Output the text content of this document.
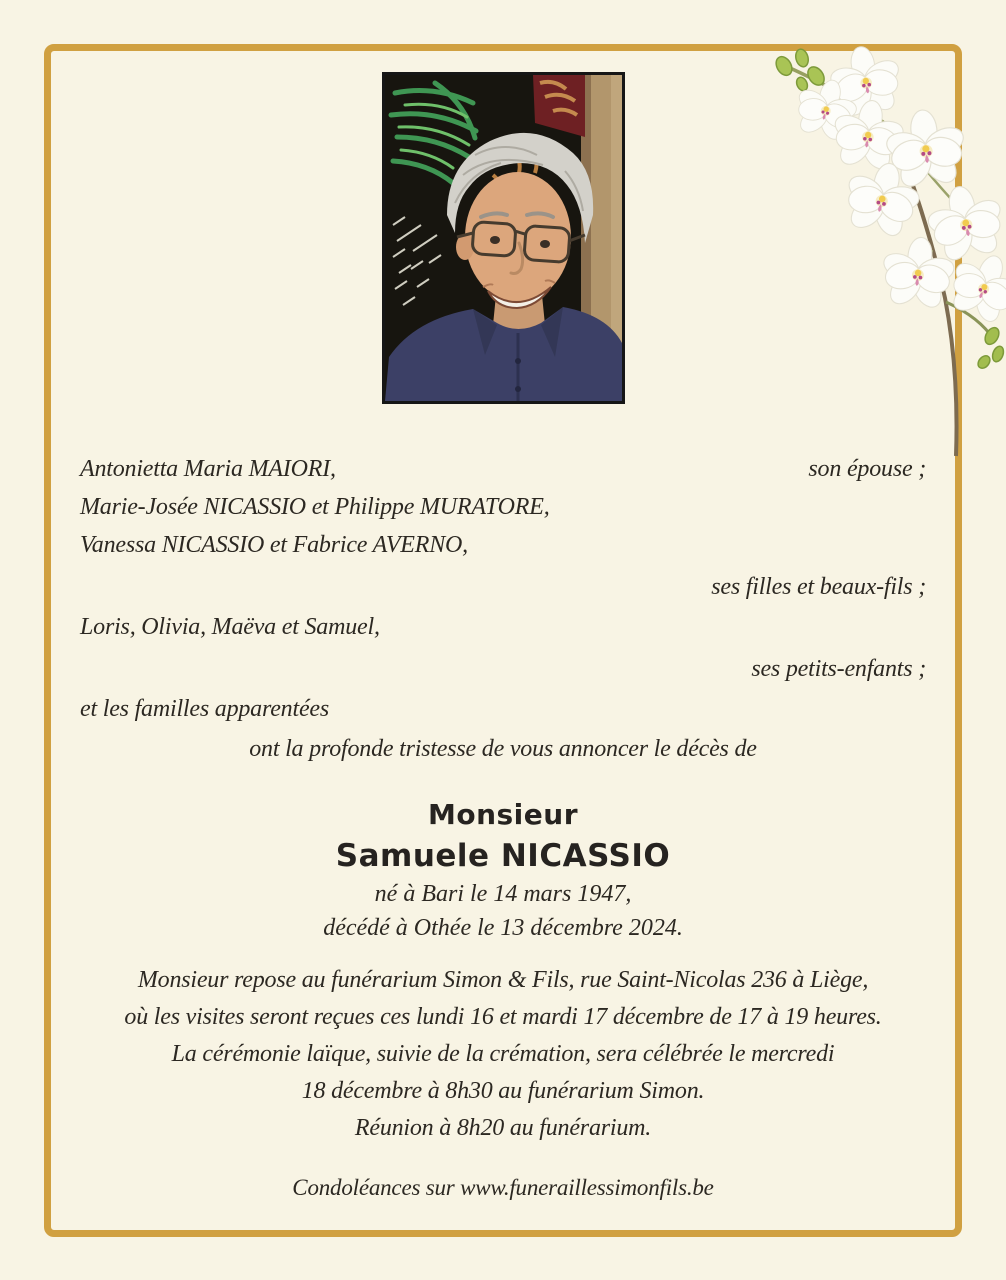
Antonietta Maria MAIORI,	son épouse ;
Marie-Josée NICASSIO et Philippe MURATORE,
Vanessa NICASSIO et Fabrice AVERNO,
ses filles et beaux-fils ;
Loris, Olivia, Maëva et Samuel,
ses petits-enfants ;
et les familles apparentées
ont la profonde tristesse de vous annoncer le décès de
Monsieur
Samuele NICASSIO
né à Bari le 14 mars 1947,
décédé à Othée le 13 décembre 2024.
Monsieur repose au funérarium Simon & Fils, rue Saint-Nicolas 236 à Liège,
où les visites seront reçues ces lundi 16 et mardi 17 décembre de 17 à 19 heures.
La cérémonie laïque, suivie de la crémation, sera célébrée le mercredi
18 décembre à 8h30 au funérarium Simon.
Réunion à 8h20 au funérarium.
Condoléances sur www.funeraillessimonfils.be
